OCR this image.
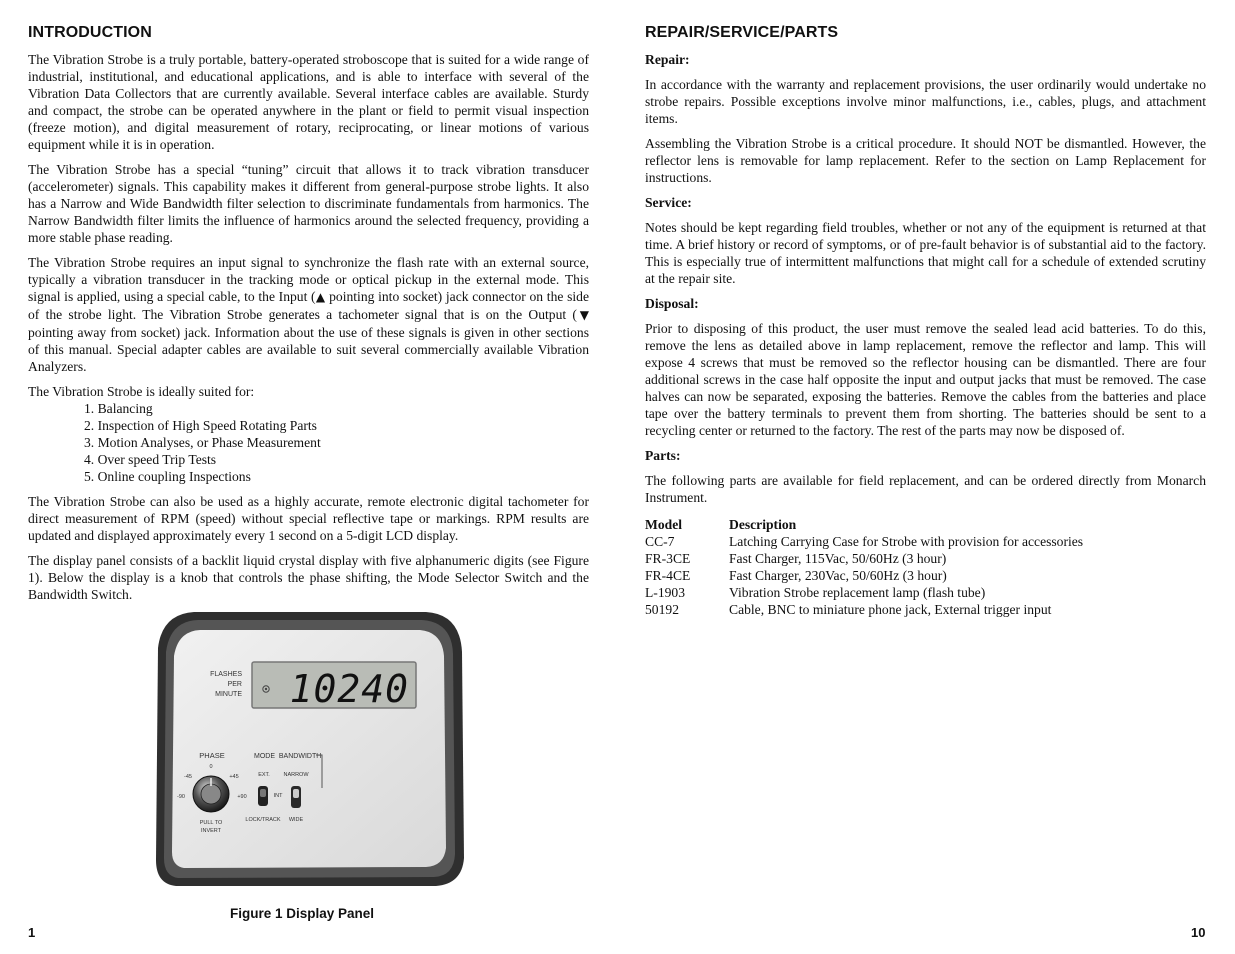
INTRODUCTION

The Vibration Strobe is a truly portable, battery-operated stroboscope that is suited for a wide range of industrial, institutional, and educational applications, and is able to interface with several of the Vibration Data Collectors that are currently available. Several interface cables are available. Sturdy and compact, the strobe can be operated anywhere in the plant or field to permit visual inspection (freeze motion), and digital measurement of rotary, reciprocating, or linear motions of various equipment while it is in operation.

The Vibration Strobe has a special “tuning” circuit that allows it to track vibration transducer (accelerometer) signals. This capability makes it different from general-purpose strobe lights. It also has a Narrow and Wide Bandwidth filter selection to discriminate fundamentals from harmonics. The Narrow Bandwidth filter limits the influence of harmonics around the selected frequency, providing a more stable phase reading.

The Vibration Strobe requires an input signal to synchronize the flash rate with an external source, typically a vibration transducer in the tracking mode or optical pickup in the external mode. This signal is applied, using a special cable, to the Input (▲ pointing into socket) jack connector on the side of the strobe light. The Vibration Strobe generates a tachometer signal that is on the Output (▼ pointing away from socket) jack. Information about the use of these signals is given in other sections of this manual. Special adapter cables are available to suit several commercially available Vibration Analyzers.

The Vibration Strobe is ideally suited for:

1. Balancing
2. Inspection of High Speed Rotating Parts
3. Motion Analyses, or Phase Measurement
4. Over speed Trip Tests
5. Online coupling Inspections

The Vibration Strobe can also be used as a highly accurate, remote electronic digital tachometer for direct measurement of RPM (speed) without special reflective tape or markings. RPM results are updated and displayed approximately every 1 second on a 5-digit LCD display.

The display panel consists of a backlit liquid crystal display with five alphanumeric digits (see Figure 1). Below the display is a knob that controls the phase shifting, the Mode Selector Switch and the Bandwidth Switch.

FLASHES
PER
MINUTE 10240
PHASE
0
-45	+45
-90	+90
PULL TO
INVERT
MODE  BANDWIDTH
EXT. NARROW
INT
LOCK/TRACK WIDE
Figure 1 Display Panel
1
REPAIR/SERVICE/PARTS
Repair:

In accordance with the warranty and replacement provisions, the user ordinarily would undertake no strobe repairs. Possible exceptions involve minor malfunctions, i.e., cables, plugs, and attachment items.

Assembling the Vibration Strobe is a critical procedure. It should NOT be dismantled. However, the reflector lens is removable for lamp replacement. Refer to the section on Lamp Replacement for instructions.

Service:

Notes should be kept regarding field troubles, whether or not any of the equipment is returned at that time. A brief history or record of symptoms, or of pre-fault behavior is of substantial aid to the factory. This is especially true of intermittent malfunctions that might call for a schedule of extended scrutiny at the repair site.

Disposal:

Prior to disposing of this product, the user must remove the sealed lead acid batteries. To do this, remove the lens as detailed above in lamp replacement, remove the reflector and lamp. This will expose 4 screws that must be removed so the reflector housing can be dismantled. There are four additional screws in the case half opposite the input and output jacks that must be removed. The case halves can now be separated, exposing the batteries. Remove the cables from the batteries and place tape over the battery terminals to prevent them from shorting. The batteries should be sent to a recycling center or returned to the factory. The rest of the parts may now be disposed of.

Parts:

The following parts are available for field replacement, and can be ordered directly from Monarch Instrument.

Model	Description
CC-7	Latching Carrying Case for Strobe with provision for accessories
FR-3CE	Fast Charger, 115Vac, 50/60Hz (3 hour)
FR-4CE	Fast Charger, 230Vac, 50/60Hz (3 hour)
L-1903	Vibration Strobe replacement lamp (flash tube)
50192	Cable, BNC to miniature phone jack, External trigger input
10
